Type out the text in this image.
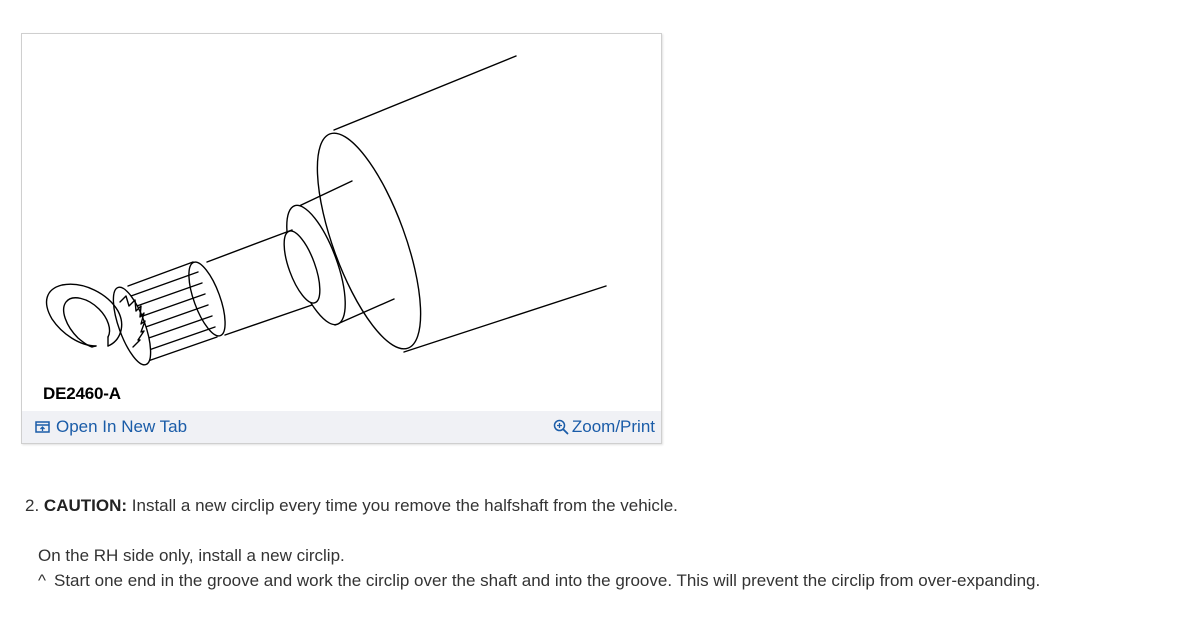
DE2460-A
Open In New Tab	Zoom/Print
2. CAUTION: Install a new circlip every time you remove the halfshaft from the vehicle.
On the RH side only, install a new circlip.
^ Start one end in the groove and work the circlip over the shaft and into the groove. This will prevent the circlip from over-expanding.
